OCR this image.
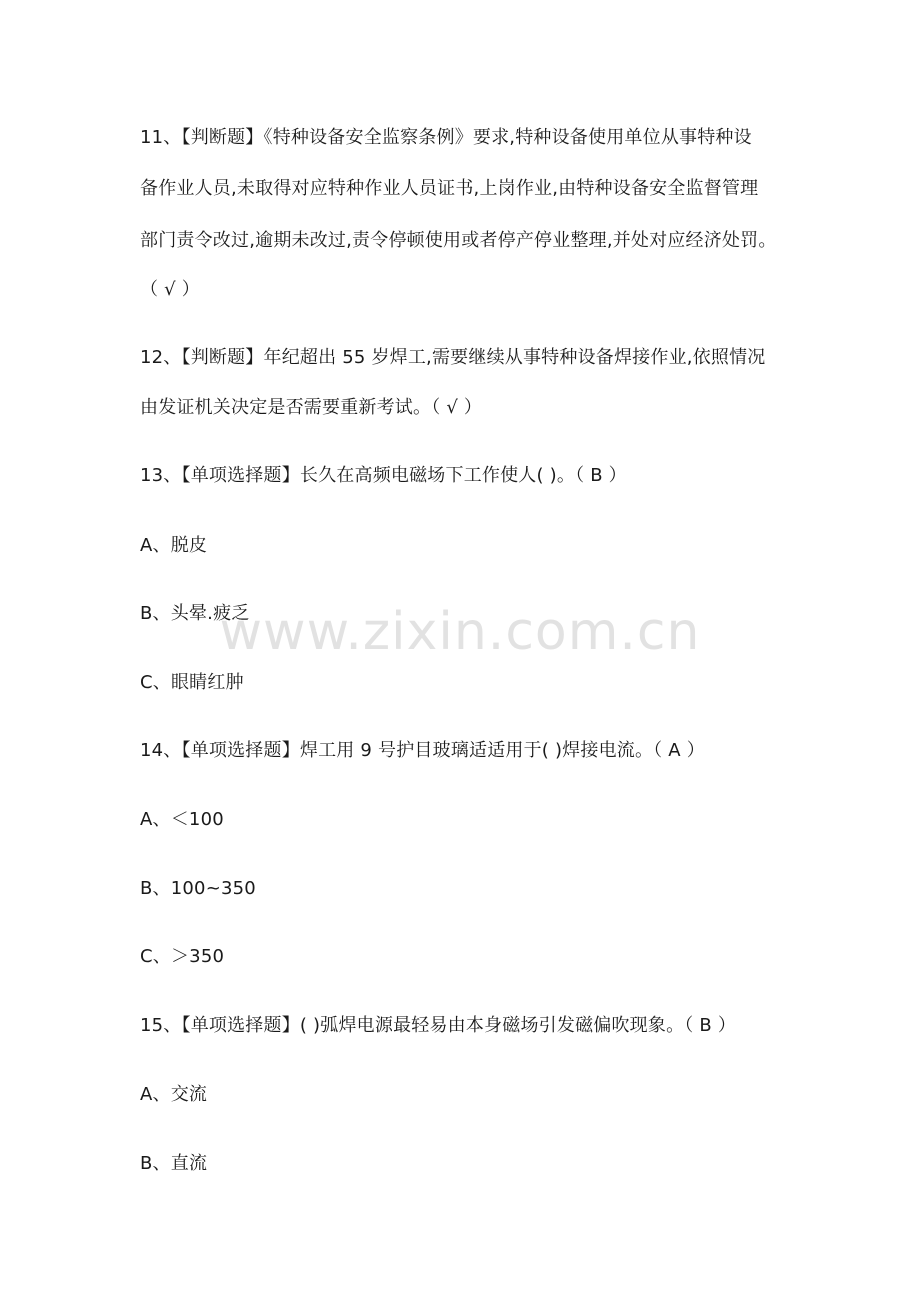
www.zixin.com.cn
11、【判断题】《特种设备安全监察条例》要求,特种设备使用单位从事特种设
备作业人员,未取得对应特种作业人员证书,上岗作业,由特种设备安全监督管理
部门责令改过,逾期未改过,责令停顿使用或者停产停业整理,并处对应经济处罚。
（ √ ）
12、【判断题】年纪超出 55 岁焊工,需要继续从事特种设备焊接作业,依照情况
由发证机关决定是否需要重新考试。（ √ ）
13、【单项选择题】长久在高频电磁场下工作使人( )。（ B ）
A、脱皮
B、头晕.疲乏
C、眼睛红肿
14、【单项选择题】焊工用 9 号护目玻璃适适用于( )焊接电流。（ A ）
A、＜100
B、100~350
C、＞350
15、【单项选择题】( )弧焊电源最轻易由本身磁场引发磁偏吹现象。（ B ）
A、交流
B、直流
